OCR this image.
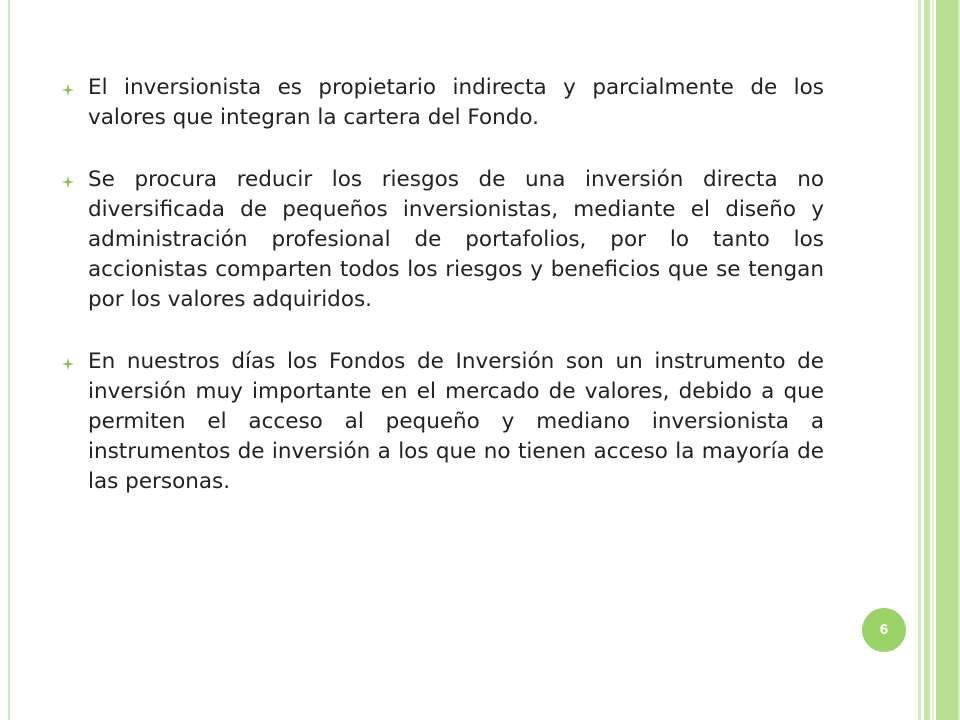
El inversionista es propietario indirecta y parcialmente de los valores que integran la cartera del Fondo.
Se procura reducir los riesgos de una inversión directa no diversificada de pequeños inversionistas, mediante el diseño y administración profesional de portafolios, por lo tanto los accionistas comparten todos los riesgos y beneficios que se tengan por los valores adquiridos.
En nuestros días los Fondos de Inversión son un instrumento de inversión muy importante en el mercado de valores, debido a que permiten el acceso al pequeño y mediano inversionista a instrumentos de inversión a los que no tienen acceso la mayoría de las personas.
6
